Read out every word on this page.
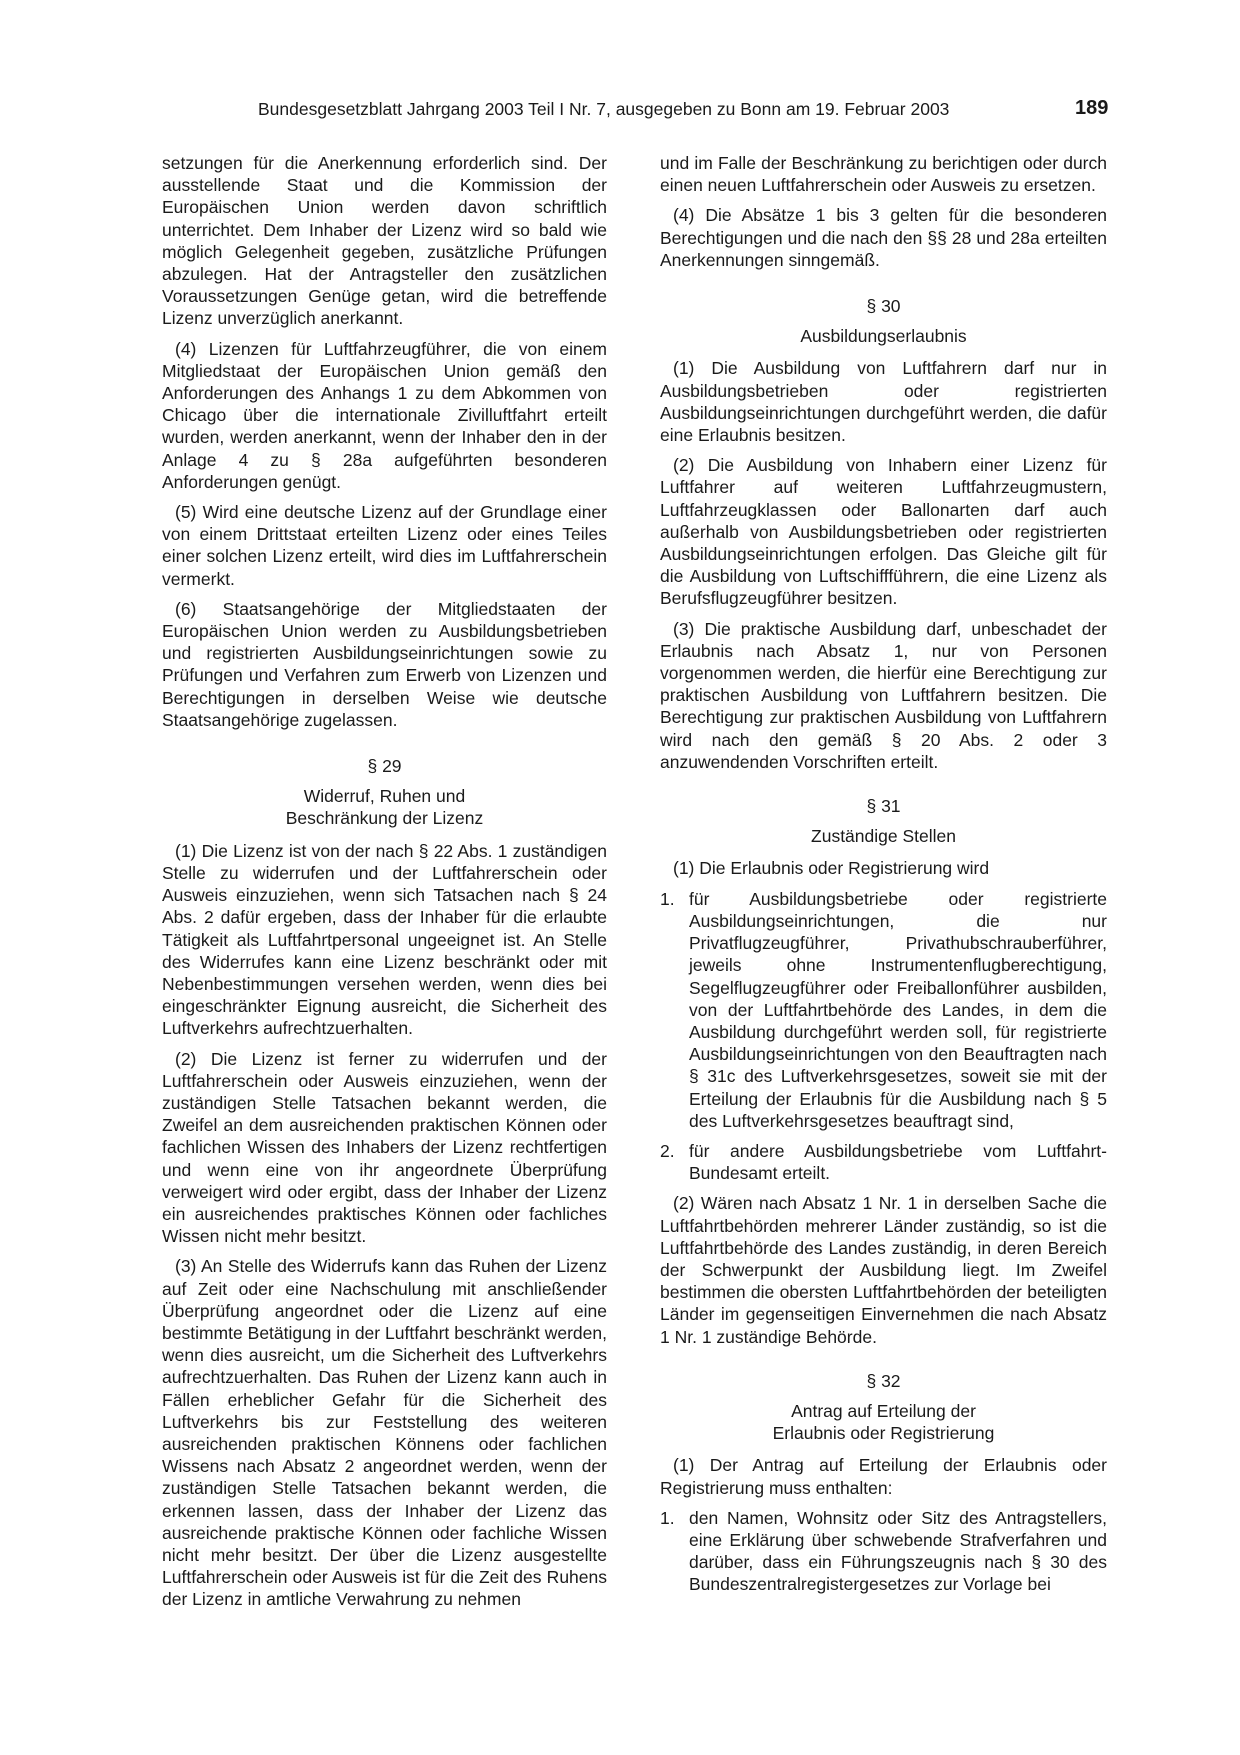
Bundesgesetzblatt Jahrgang 2003 Teil I Nr. 7, ausgegeben zu Bonn am 19. Februar 2003	189

setzungen für die Anerkennung erforderlich sind. Der ausstellende Staat und die Kommission der Europäischen Union werden davon schriftlich unterrichtet. Dem Inhaber der Lizenz wird so bald wie möglich Gelegenheit gegeben, zusätzliche Prüfungen abzulegen. Hat der Antragsteller den zusätzlichen Voraussetzungen Genüge getan, wird die betreffende Lizenz unverzüglich anerkannt.

(4) Lizenzen für Luftfahrzeugführer, die von einem Mitgliedstaat der Europäischen Union gemäß den Anforderungen des Anhangs 1 zu dem Abkommen von Chicago über die internationale Zivilluftfahrt erteilt wurden, werden anerkannt, wenn der Inhaber den in der Anlage 4 zu § 28a aufgeführten besonderen Anforderungen genügt.

(5) Wird eine deutsche Lizenz auf der Grundlage einer von einem Drittstaat erteilten Lizenz oder eines Teiles einer solchen Lizenz erteilt, wird dies im Luftfahrerschein vermerkt.

(6) Staatsangehörige der Mitgliedstaaten der Europäischen Union werden zu Ausbildungsbetrieben und registrierten Ausbildungseinrichtungen sowie zu Prüfungen und Verfahren zum Erwerb von Lizenzen und Berechtigungen in derselben Weise wie deutsche Staatsangehörige zugelassen.

§ 29
Widerruf, Ruhen und
Beschränkung der Lizenz

(1) Die Lizenz ist von der nach § 22 Abs. 1 zuständigen Stelle zu widerrufen und der Luftfahrerschein oder Ausweis einzuziehen, wenn sich Tatsachen nach § 24 Abs. 2 dafür ergeben, dass der Inhaber für die erlaubte Tätigkeit als Luftfahrtpersonal ungeeignet ist. An Stelle des Widerrufes kann eine Lizenz beschränkt oder mit Nebenbestimmungen versehen werden, wenn dies bei eingeschränkter Eignung ausreicht, die Sicherheit des Luftverkehrs aufrechtzuerhalten.

(2) Die Lizenz ist ferner zu widerrufen und der Luftfahrerschein oder Ausweis einzuziehen, wenn der zuständigen Stelle Tatsachen bekannt werden, die Zweifel an dem ausreichenden praktischen Können oder fachlichen Wissen des Inhabers der Lizenz rechtfertigen und wenn eine von ihr angeordnete Überprüfung verweigert wird oder ergibt, dass der Inhaber der Lizenz ein ausreichendes praktisches Können oder fachliches Wissen nicht mehr besitzt.

(3) An Stelle des Widerrufs kann das Ruhen der Lizenz auf Zeit oder eine Nachschulung mit anschließender Überprüfung angeordnet oder die Lizenz auf eine bestimmte Betätigung in der Luftfahrt beschränkt werden, wenn dies ausreicht, um die Sicherheit des Luftverkehrs aufrechtzuerhalten. Das Ruhen der Lizenz kann auch in Fällen erheblicher Gefahr für die Sicherheit des Luftverkehrs bis zur Feststellung des weiteren ausreichenden praktischen Könnens oder fachlichen Wissens nach Absatz 2 angeordnet werden, wenn der zuständigen Stelle Tatsachen bekannt werden, die erkennen lassen, dass der Inhaber der Lizenz das ausreichende praktische Können oder fachliche Wissen nicht mehr besitzt. Der über die Lizenz ausgestellte Luftfahrerschein oder Ausweis ist für die Zeit des Ruhens der Lizenz in amtliche Verwahrung zu nehmen

und im Falle der Beschränkung zu berichtigen oder durch einen neuen Luftfahrerschein oder Ausweis zu ersetzen.

(4) Die Absätze 1 bis 3 gelten für die besonderen Berechtigungen und die nach den §§ 28 und 28a erteilten Anerkennungen sinngemäß.

§ 30
Ausbildungserlaubnis

(1) Die Ausbildung von Luftfahrern darf nur in Ausbildungsbetrieben oder registrierten Ausbildungseinrichtungen durchgeführt werden, die dafür eine Erlaubnis besitzen.

(2) Die Ausbildung von Inhabern einer Lizenz für Luftfahrer auf weiteren Luftfahrzeugmustern, Luftfahrzeugklassen oder Ballonarten darf auch außerhalb von Ausbildungsbetrieben oder registrierten Ausbildungseinrichtungen erfolgen. Das Gleiche gilt für die Ausbildung von Luftschiffführern, die eine Lizenz als Berufsflugzeugführer besitzen.

(3) Die praktische Ausbildung darf, unbeschadet der Erlaubnis nach Absatz 1, nur von Personen vorgenommen werden, die hierfür eine Berechtigung zur praktischen Ausbildung von Luftfahrern besitzen. Die Berechtigung zur praktischen Ausbildung von Luftfahrern wird nach den gemäß § 20 Abs. 2 oder 3 anzuwendenden Vorschriften erteilt.

§ 31
Zuständige Stellen

(1) Die Erlaubnis oder Registrierung wird

1. für Ausbildungsbetriebe oder registrierte Ausbildungseinrichtungen, die nur Privatflugzeugführer, Privathubschrauberführer, jeweils ohne Instrumentenflugberechtigung, Segelflugzeugführer oder Freiballonführer ausbilden, von der Luftfahrtbehörde des Landes, in dem die Ausbildung durchgeführt werden soll, für registrierte Ausbildungseinrichtungen von den Beauftragten nach § 31c des Luftverkehrsgesetzes, soweit sie mit der Erteilung der Erlaubnis für die Ausbildung nach § 5 des Luftverkehrsgesetzes beauftragt sind,
2. für andere Ausbildungsbetriebe vom Luftfahrt-Bundesamt erteilt.

(2) Wären nach Absatz 1 Nr. 1 in derselben Sache die Luftfahrtbehörden mehrerer Länder zuständig, so ist die Luftfahrtbehörde des Landes zuständig, in deren Bereich der Schwerpunkt der Ausbildung liegt. Im Zweifel bestimmen die obersten Luftfahrtbehörden der beteiligten Länder im gegenseitigen Einvernehmen die nach Absatz 1 Nr. 1 zuständige Behörde.

§ 32
Antrag auf Erteilung der
Erlaubnis oder Registrierung

(1) Der Antrag auf Erteilung der Erlaubnis oder Registrierung muss enthalten:

1. den Namen, Wohnsitz oder Sitz des Antragstellers, eine Erklärung über schwebende Strafverfahren und darüber, dass ein Führungszeugnis nach § 30 des Bundeszentralregistergesetzes zur Vorlage bei
